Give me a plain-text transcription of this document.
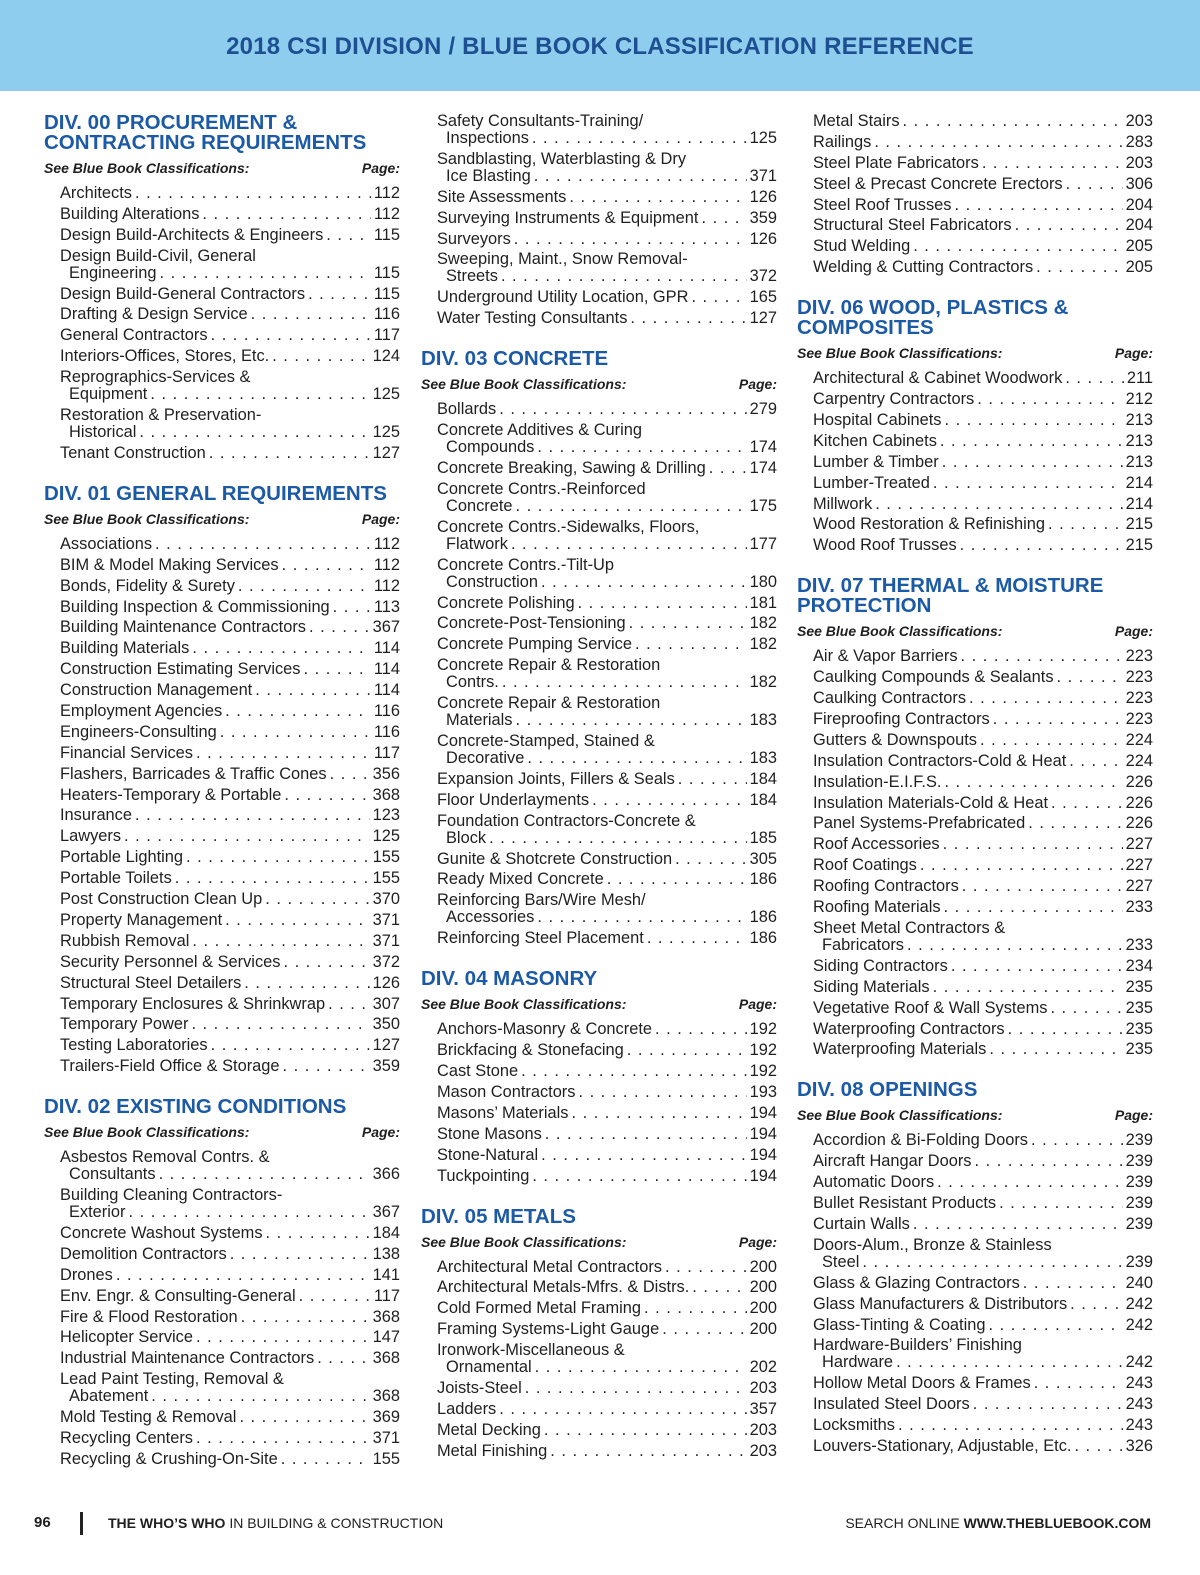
2018 CSI DIVISION / BLUE BOOK CLASSIFICATION REFERENCE
DIV. 00 PROCUREMENT & CONTRACTING REQUIREMENTS
See Blue Book Classifications:	Page:
Architects . . .	112
Building Alterations . . .	112
Design Build-Architects & Engineers . . .	115
Design Build-Civil, General
Engineering . . .	115
Design Build-General Contractors . . .	115
Drafting & Design Service . . .	116
General Contractors . . .	117
Interiors-Offices, Stores, Etc. . . .	124
Reprographics-Services &
Equipment . . .	125
Restoration & Preservation-
Historical . . .	125
Tenant Construction . . .	127
DIV. 01 GENERAL REQUIREMENTS
See Blue Book Classifications:	Page:
Associations . . .	112
BIM & Model Making Services . . .	112
Bonds, Fidelity & Surety . . .	112
Building Inspection & Commissioning . . .	113
Building Maintenance Contractors . . .	367
Building Materials . . .	114
Construction Estimating Services . . .	114
Construction Management . . .	114
Employment Agencies . . .	116
Engineers-Consulting . . .	116
Financial Services . . .	117
Flashers, Barricades & Traffic Cones . . .	356
Heaters-Temporary & Portable . . .	368
Insurance . . .	123
Lawyers . . .	125
Portable Lighting . . .	155
Portable Toilets . . .	155
Post Construction Clean Up . . .	370
Property Management . . .	371
Rubbish Removal . . .	371
Security Personnel & Services . . .	372
Structural Steel Detailers . . .	126
Temporary Enclosures & Shrinkwrap . . .	307
Temporary Power . . .	350
Testing Laboratories . . .	127
Trailers-Field Office & Storage . . .	359
DIV. 02 EXISTING CONDITIONS
See Blue Book Classifications:	Page:
Asbestos Removal Contrs. &
Consultants . . .	366
Building Cleaning Contractors-
Exterior . . .	367
Concrete Washout Systems . . .	184
Demolition Contractors . . .	138
Drones . . .	141
Env. Engr. & Consulting-General . . .	117
Fire & Flood Restoration . . .	368
Helicopter Service . . .	147
Industrial Maintenance Contractors . . .	368
Lead Paint Testing, Removal &
Abatement . . .	368
Mold Testing & Removal . . .	369
Recycling Centers . . .	371
Recycling & Crushing-On-Site . . .	155
Safety Consultants-Training/
Inspections . . .	125
Sandblasting, Waterblasting & Dry
Ice Blasting . . .	371
Site Assessments . . .	126
Surveying Instruments & Equipment . . .	359
Surveyors . . .	126
Sweeping, Maint., Snow Removal-
Streets . . .	372
Underground Utility Location, GPR . . .	165
Water Testing Consultants . . .	127
DIV. 03 CONCRETE
See Blue Book Classifications:	Page:
Bollards . . .	279
Concrete Additives & Curing
Compounds . . .	174
Concrete Breaking, Sawing & Drilling . . .	174
Concrete Contrs.-Reinforced
Concrete . . .	175
Concrete Contrs.-Sidewalks, Floors,
Flatwork . . .	177
Concrete Contrs.-Tilt-Up
Construction . . .	180
Concrete Polishing . . .	181
Concrete-Post-Tensioning . . .	182
Concrete Pumping Service . . .	182
Concrete Repair & Restoration
Contrs. . . .	182
Concrete Repair & Restoration
Materials . . .	183
Concrete-Stamped, Stained &
Decorative . . .	183
Expansion Joints, Fillers & Seals . . .	184
Floor Underlayments . . .	184
Foundation Contractors-Concrete &
Block . . .	185
Gunite & Shotcrete Construction . . .	305
Ready Mixed Concrete . . .	186
Reinforcing Bars/Wire Mesh/
Accessories . . .	186
Reinforcing Steel Placement . . .	186
DIV. 04 MASONRY
See Blue Book Classifications:	Page:
Anchors-Masonry & Concrete . . .	192
Brickfacing & Stonefacing . . .	192
Cast Stone . . .	192
Mason Contractors . . .	193
Masons’ Materials . . .	194
Stone Masons . . .	194
Stone-Natural . . .	194
Tuckpointing . . .	194
DIV. 05 METALS
See Blue Book Classifications:	Page:
Architectural Metal Contractors . . .	200
Architectural Metals-Mfrs. & Distrs. . . .	200
Cold Formed Metal Framing . . .	200
Framing Systems-Light Gauge . . .	200
Ironwork-Miscellaneous &
Ornamental . . .	202
Joists-Steel . . .	203
Ladders . . .	357
Metal Decking . . .	203
Metal Finishing . . .	203
Metal Stairs . . .	203
Railings . . .	283
Steel Plate Fabricators . . .	203
Steel & Precast Concrete Erectors . . .	306
Steel Roof Trusses . . .	204
Structural Steel Fabricators . . .	204
Stud Welding . . .	205
Welding & Cutting Contractors . . .	205
DIV. 06 WOOD, PLASTICS & COMPOSITES
See Blue Book Classifications:	Page:
Architectural & Cabinet Woodwork . . .	211
Carpentry Contractors . . .	212
Hospital Cabinets . . .	213
Kitchen Cabinets . . .	213
Lumber & Timber . . .	213
Lumber-Treated . . .	214
Millwork . . .	214
Wood Restoration & Refinishing . . .	215
Wood Roof Trusses . . .	215
DIV. 07 THERMAL & MOISTURE PROTECTION
See Blue Book Classifications:	Page:
Air & Vapor Barriers . . .	223
Caulking Compounds & Sealants . . .	223
Caulking Contractors . . .	223
Fireproofing Contractors . . .	223
Gutters & Downspouts . . .	224
Insulation Contractors-Cold & Heat . . .	224
Insulation-E.I.F.S. . . .	226
Insulation Materials-Cold & Heat . . .	226
Panel Systems-Prefabricated . . .	226
Roof Accessories . . .	227
Roof Coatings . . .	227
Roofing Contractors . . .	227
Roofing Materials . . .	233
Sheet Metal Contractors &
Fabricators . . .	233
Siding Contractors . . .	234
Siding Materials . . .	235
Vegetative Roof & Wall Systems . . .	235
Waterproofing Contractors . . .	235
Waterproofing Materials . . .	235
DIV. 08 OPENINGS
See Blue Book Classifications:	Page:
Accordion & Bi-Folding Doors . . .	239
Aircraft Hangar Doors . . .	239
Automatic Doors . . .	239
Bullet Resistant Products . . .	239
Curtain Walls . . .	239
Doors-Alum., Bronze & Stainless
Steel . . .	239
Glass & Glazing Contractors . . .	240
Glass Manufacturers & Distributors . . .	242
Glass-Tinting & Coating . . .	242
Hardware-Builders’ Finishing
Hardware . . .	242
Hollow Metal Doors & Frames . . .	243
Insulated Steel Doors . . .	243
Locksmiths . . .	243
Louvers-Stationary, Adjustable, Etc. . . .	326
96	THE WHO’S WHO IN BUILDING & CONSTRUCTION	SEARCH ONLINE WWW.THEBLUEBOOK.COM
